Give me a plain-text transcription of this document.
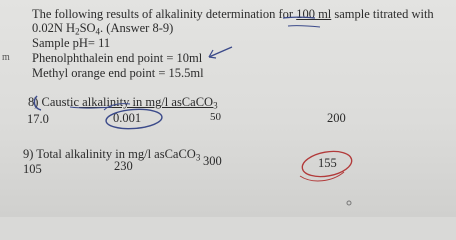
The following results of alkalinity determination for 100 ml sample titrated with
0.02N $H_2SO_4$. (Answer 8-9)
Sample pH= 11
Phenolphthalein end point = 10ml
Methyl orange end point = 15.5ml
m
8) Caustic alkalinity in mg/l asCaCO$_3$
17.0	0.001	50	200
9) Total alkalinity in mg/l asCaCO$_3$
105	230	300	155
